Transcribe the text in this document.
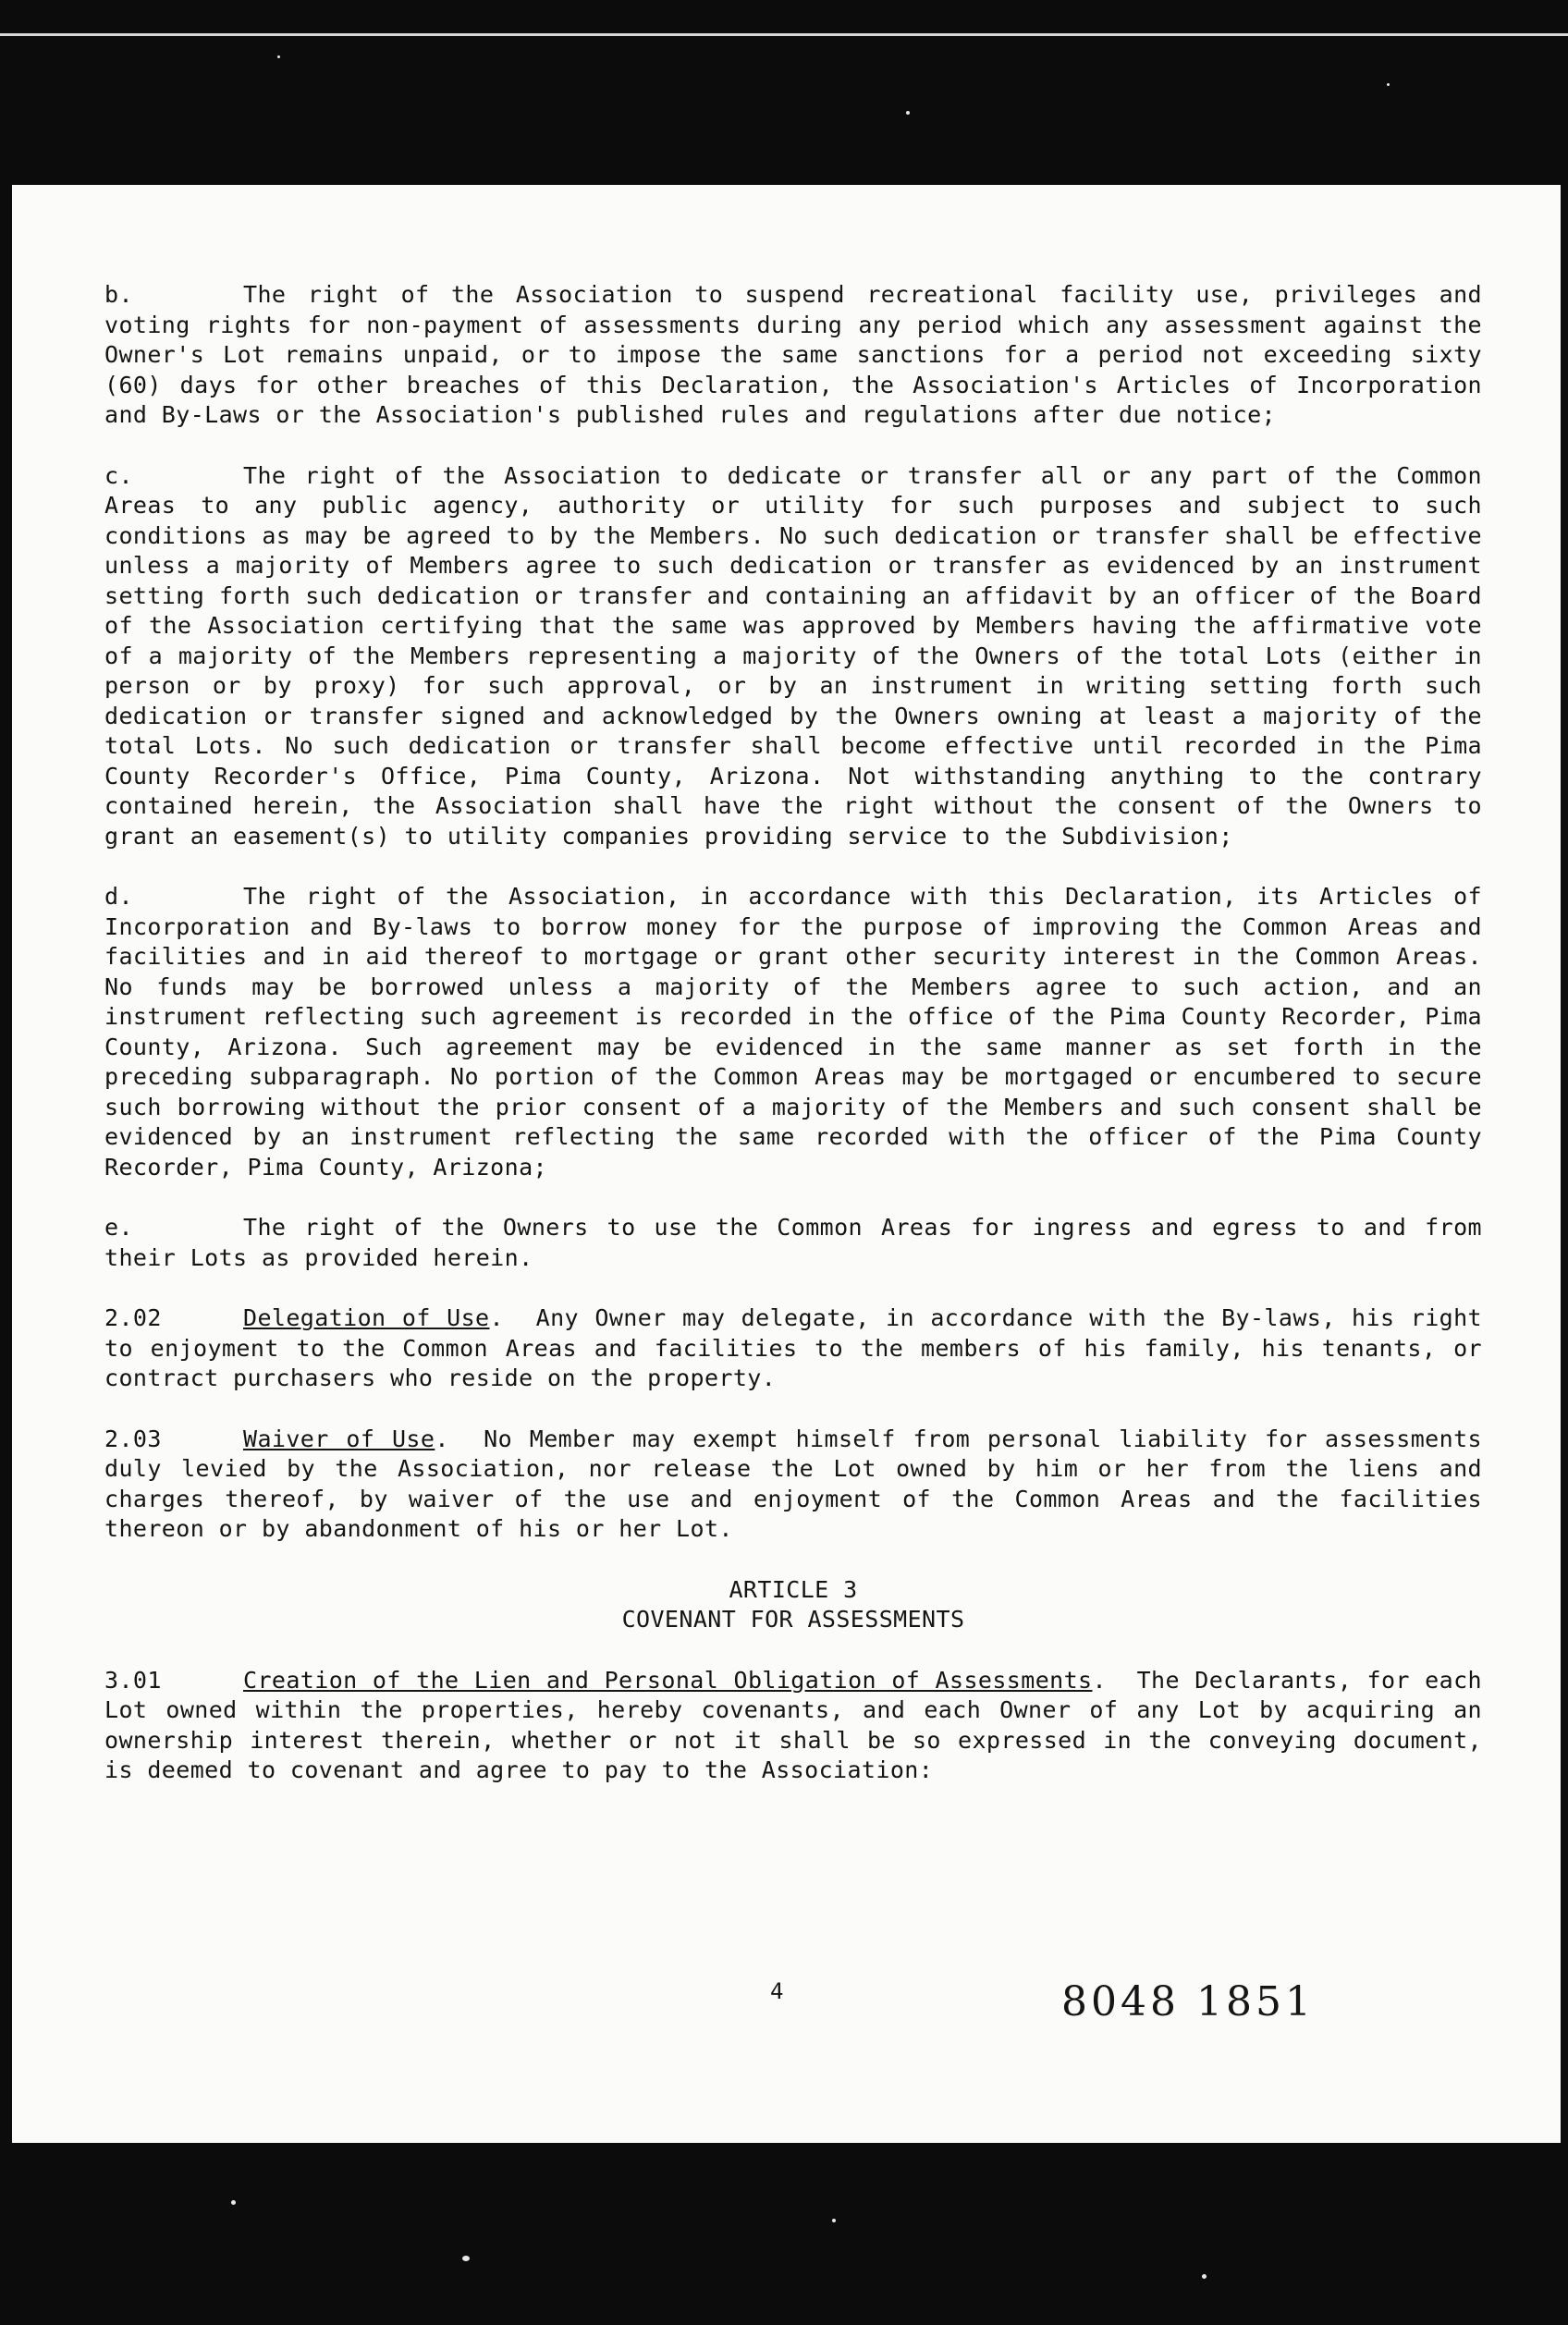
b.	The right of the Association to suspend recreational facility use, privileges and voting rights for non-payment of assessments during any period which any assessment against the Owner's Lot remains unpaid, or to impose the same sanctions for a period not exceeding sixty (60) days for other breaches of this Declaration, the Association's Articles of Incorporation and By-Laws or the Association's published rules and regulations after due notice;

c.	The right of the Association to dedicate or transfer all or any part of the Common Areas to any public agency, authority or utility for such purposes and subject to such conditions as may be agreed to by the Members. No such dedication or transfer shall be effective unless a majority of Members agree to such dedication or transfer as evidenced by an instrument setting forth such dedication or transfer and containing an affidavit by an officer of the Board of the Association certifying that the same was approved by Members having the affirmative vote of a majority of the Members representing a majority of the Owners of the total Lots (either in person or by proxy) for such approval, or by an instrument in writing setting forth such dedication or transfer signed and acknowledged by the Owners owning at least a majority of the total Lots. No such dedication or transfer shall become effective until recorded in the Pima County Recorder's Office, Pima County, Arizona. Not withstanding anything to the contrary contained herein, the Association shall have the right without the consent of the Owners to grant an easement(s) to utility companies providing service to the Subdivision;

d.	The right of the Association, in accordance with this Declaration, its Articles of Incorporation and By-laws to borrow money for the purpose of improving the Common Areas and facilities and in aid thereof to mortgage or grant other security interest in the Common Areas. No funds may be borrowed unless a majority of the Members agree to such action, and an instrument reflecting such agreement is recorded in the office of the Pima County Recorder, Pima County, Arizona. Such agreement may be evidenced in the same manner as set forth in the preceding subparagraph. No portion of the Common Areas may be mortgaged or encumbered to secure such borrowing without the prior consent of a majority of the Members and such consent shall be evidenced by an instrument reflecting the same recorded with the officer of the Pima County Recorder, Pima County, Arizona;

e.	The right of the Owners to use the Common Areas for ingress and egress to and from their Lots as provided herein.

2.02	Delegation of Use.  Any Owner may delegate, in accordance with the By-laws, his right to enjoyment to the Common Areas and facilities to the members of his family, his tenants, or contract purchasers who reside on the property.

2.03	Waiver of Use.  No Member may exempt himself from personal liability for assessments duly levied by the Association, nor release the Lot owned by him or her from the liens and charges thereof, by waiver of the use and enjoyment of the Common Areas and the facilities thereon or by abandonment of his or her Lot.

ARTICLE 3

COVENANT FOR ASSESSMENTS

3.01	Creation of the Lien and Personal Obligation of Assessments.  The Declarants, for each Lot owned within the properties, hereby covenants, and each Owner of any Lot by acquiring an ownership interest therein, whether or not it shall be so expressed in the conveying document, is deemed to covenant and agree to pay to the Association:

4	8048 1851
